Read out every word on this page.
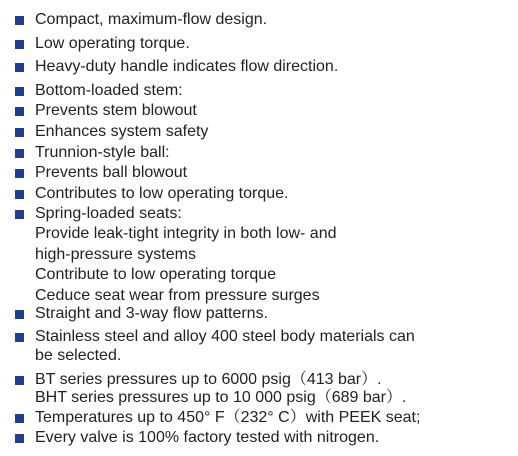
Compact, maximum-flow design.
Low operating torque.
Heavy-duty handle indicates flow direction.
Bottom-loaded stem:
Prevents stem blowout
Enhances system safety
Trunnion-style ball:
Prevents ball blowout
Contributes to low operating torque.
Spring-loaded seats:
Provide leak-tight integrity in both low- and
high-pressure systems
Contribute to low operating torque
Ceduce seat wear from pressure surges
Straight and 3-way flow patterns.
Stainless steel and alloy 400 steel body materials can
be selected.
BT series pressures up to 6000 psig（413 bar）.
BHT series pressures up to 10 000 psig（689 bar）.
Temperatures up to 450° F（232° C）with PEEK seat;
Every valve is 100% factory tested with nitrogen.
